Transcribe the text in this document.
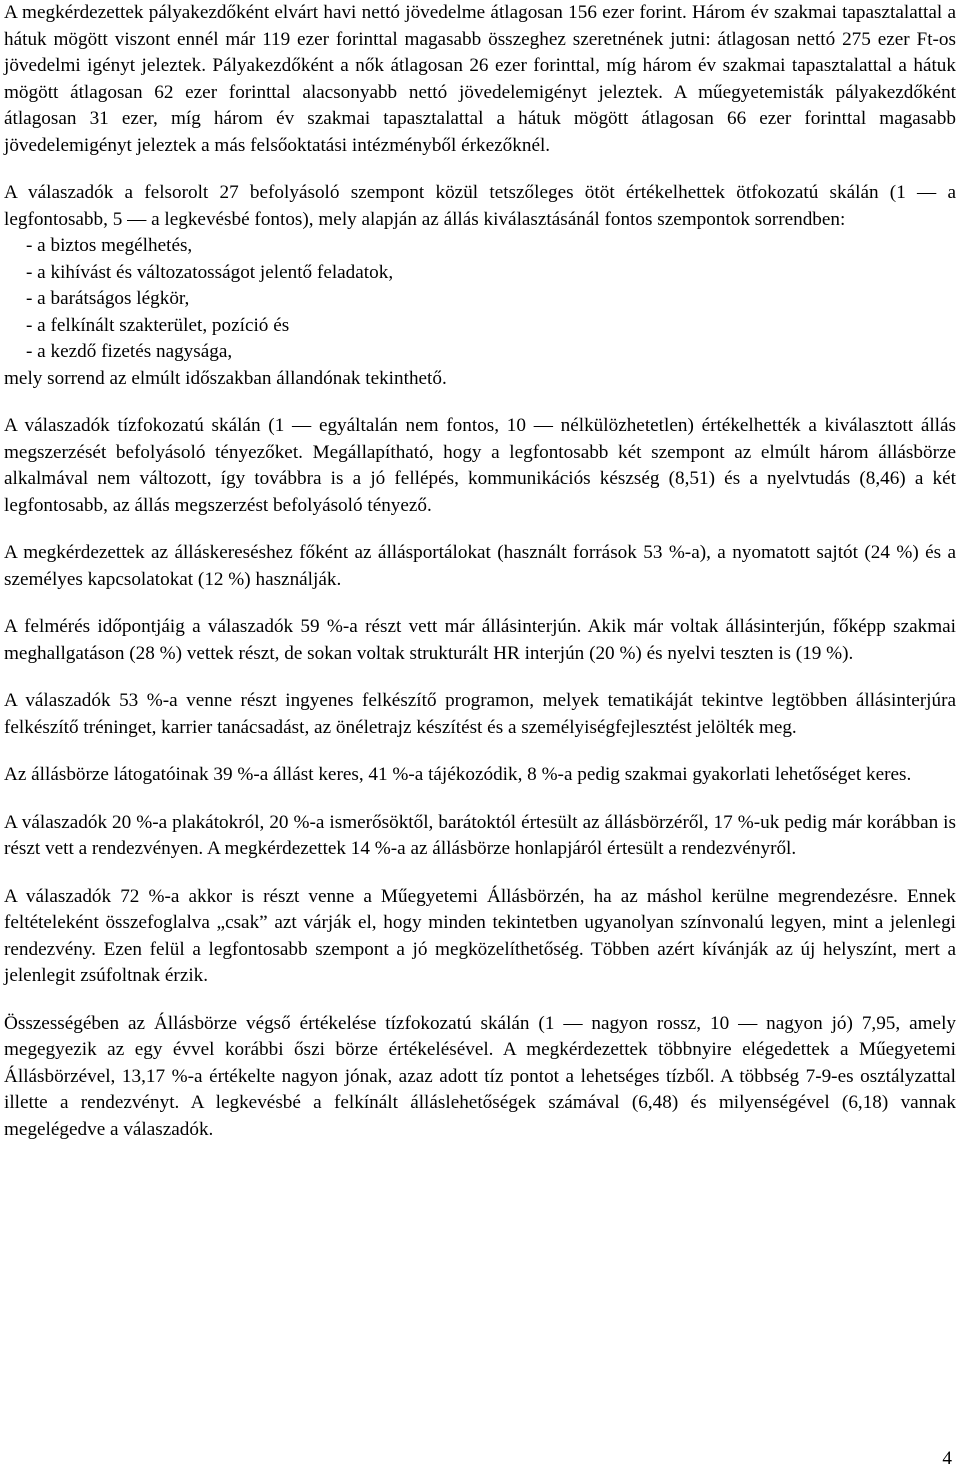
A megkérdezettek pályakezdőként elvárt havi nettó jövedelme átlagosan 156 ezer forint. Három év szakmai tapasztalattal a hátuk mögött viszont ennél már 119 ezer forinttal magasabb összeghez szeretnének jutni: átlagosan nettó 275 ezer Ft-os jövedelmi igényt jeleztek. Pályakezdőként a nők átlagosan 26 ezer forinttal, míg három év szakmai tapasztalattal a hátuk mögött átlagosan 62 ezer forinttal alacsonyabb nettó jövedelemigényt jeleztek. A műegyetemisták pályakezdőként átlagosan 31 ezer, míg három év szakmai tapasztalattal a hátuk mögött átlagosan 66 ezer forinttal magasabb jövedelemigényt jeleztek a más felsőoktatási intézményből érkezőknél.

A válaszadók a felsorolt 27 befolyásoló szempont közül tetszőleges ötöt értékelhettek ötfokozatú skálán (1 — a legfontosabb, 5 — a legkevésbé fontos), mely alapján az állás kiválasztásánál fontos szempontok sorrendben:

- a biztos megélhetés,
- a kihívást és változatosságot jelentő feladatok,
- a barátságos légkör,
- a felkínált szakterület, pozíció és
- a kezdő fizetés nagysága,

mely sorrend az elmúlt időszakban állandónak tekinthető.

A válaszadók tízfokozatú skálán (1 — egyáltalán nem fontos, 10 — nélkülözhetetlen) értékelhették a kiválasztott állás megszerzését befolyásoló tényezőket. Megállapítható, hogy a legfontosabb két szempont az elmúlt három állásbörze alkalmával nem változott, így továbbra is a jó fellépés, kommunikációs készség (8,51) és a nyelvtudás (8,46) a két legfontosabb, az állás megszerzést befolyásoló tényező.

A megkérdezettek az álláskereséshez főként az állásportálokat (használt források 53 %-a), a nyomatott sajtót (24 %) és a személyes kapcsolatokat (12 %) használják.

A felmérés időpontjáig a válaszadók 59 %-a részt vett már állásinterjún. Akik már voltak állásinterjún, főképp szakmai meghallgatáson (28 %) vettek részt, de sokan voltak strukturált HR interjún (20 %) és nyelvi teszten is (19 %).

A válaszadók 53 %-a venne részt ingyenes felkészítő programon, melyek tematikáját tekintve legtöbben állásinterjúra felkészítő tréninget, karrier tanácsadást, az önéletrajz készítést és a személyiségfejlesztést jelölték meg.

Az állásbörze látogatóinak 39 %-a állást keres, 41 %-a tájékozódik, 8 %-a pedig szakmai gyakorlati lehetőséget keres.

A válaszadók 20 %-a plakátokról, 20 %-a ismerősöktől, barátoktól értesült az állásbörzéről, 17 %-uk pedig már korábban is részt vett a rendezvényen. A megkérdezettek 14 %-a az állásbörze honlapjáról értesült a rendezvényről.

A válaszadók 72 %-a akkor is részt venne a Műegyetemi Állásbörzén, ha az máshol kerülne megrendezésre. Ennek feltételeként összefoglalva „csak” azt várják el, hogy minden tekintetben ugyanolyan színvonalú legyen, mint a jelenlegi rendezvény. Ezen felül a legfontosabb szempont a jó megközelíthetőség. Többen azért kívánják az új helyszínt, mert a jelenlegit zsúfoltnak érzik.

Összességében az Állásbörze végső értékelése tízfokozatú skálán (1 — nagyon rossz, 10 — nagyon jó) 7,95, amely megegyezik az egy évvel korábbi őszi börze értékelésével. A megkérdezettek többnyire elégedettek a Műegyetemi Állásbörzével, 13,17 %-a értékelte nagyon jónak, azaz adott tíz pontot a lehetséges tízből. A többség 7-9-es osztályzattal illette a rendezvényt. A legkevésbé a felkínált álláslehetőségek számával (6,48) és milyenségével (6,18) vannak megelégedve a válaszadók.

4
